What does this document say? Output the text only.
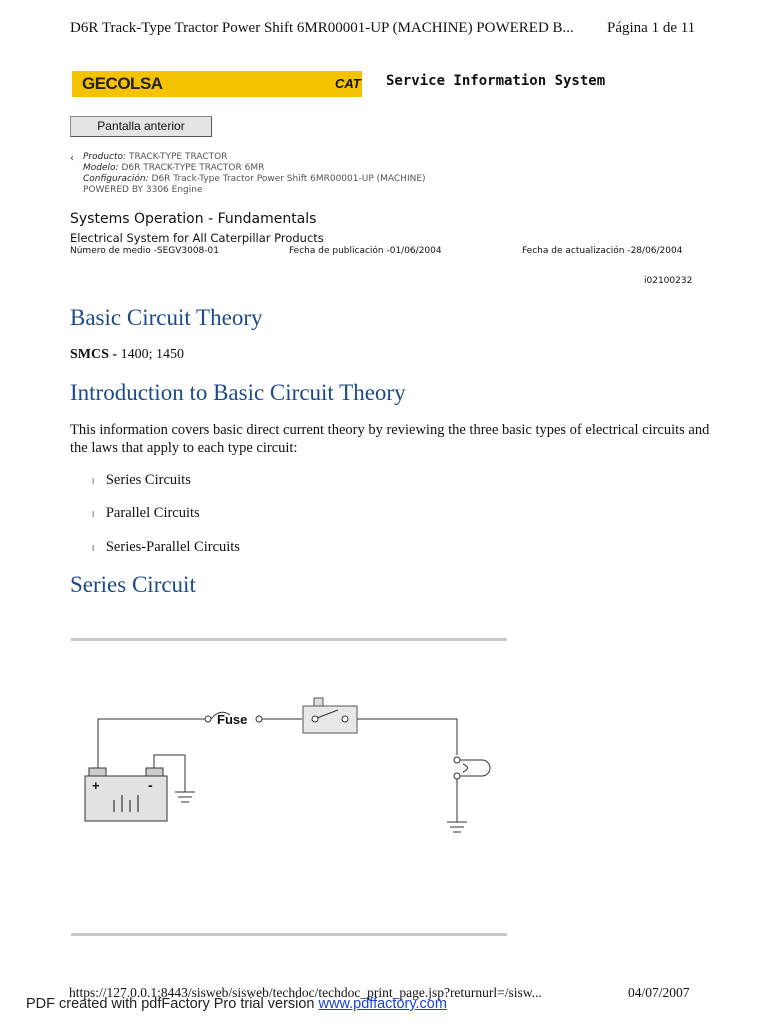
D6R Track-Type Tractor Power Shift 6MR00001-UP (MACHINE) POWERED B... Página 1 de 11
GECOLSA	CAT Service Information System
Pantalla anterior
‹ Producto: TRACK-TYPE TRACTOR
Modelo: D6R TRACK-TYPE TRACTOR 6MR
Configuración: D6R Track-Type Tractor Power Shift 6MR00001-UP (MACHINE)
POWERED BY 3306 Engine
Systems Operation - Fundamentals
Electrical System for All Caterpillar Products
Número de medio -SEGV3008-01	Fecha de publicación -01/06/2004	Fecha de actualización -28/06/2004
i02100232
Basic Circuit Theory
SMCS - 1400; 1450
Introduction to Basic Circuit Theory
This information covers basic direct current theory by reviewing the three basic types of electrical circuits and the laws that apply to each type circuit:
l Series Circuits
l Parallel Circuits
l Series-Parallel Circuits
Series Circuit
+	-
Fuse
https://127.0.0.1:8443/sisweb/sisweb/techdoc/techdoc_print_page.jsp?returnurl=/sisw...	04/07/2007
PDF created with pdfFactory Pro trial version www.pdffactory.com
